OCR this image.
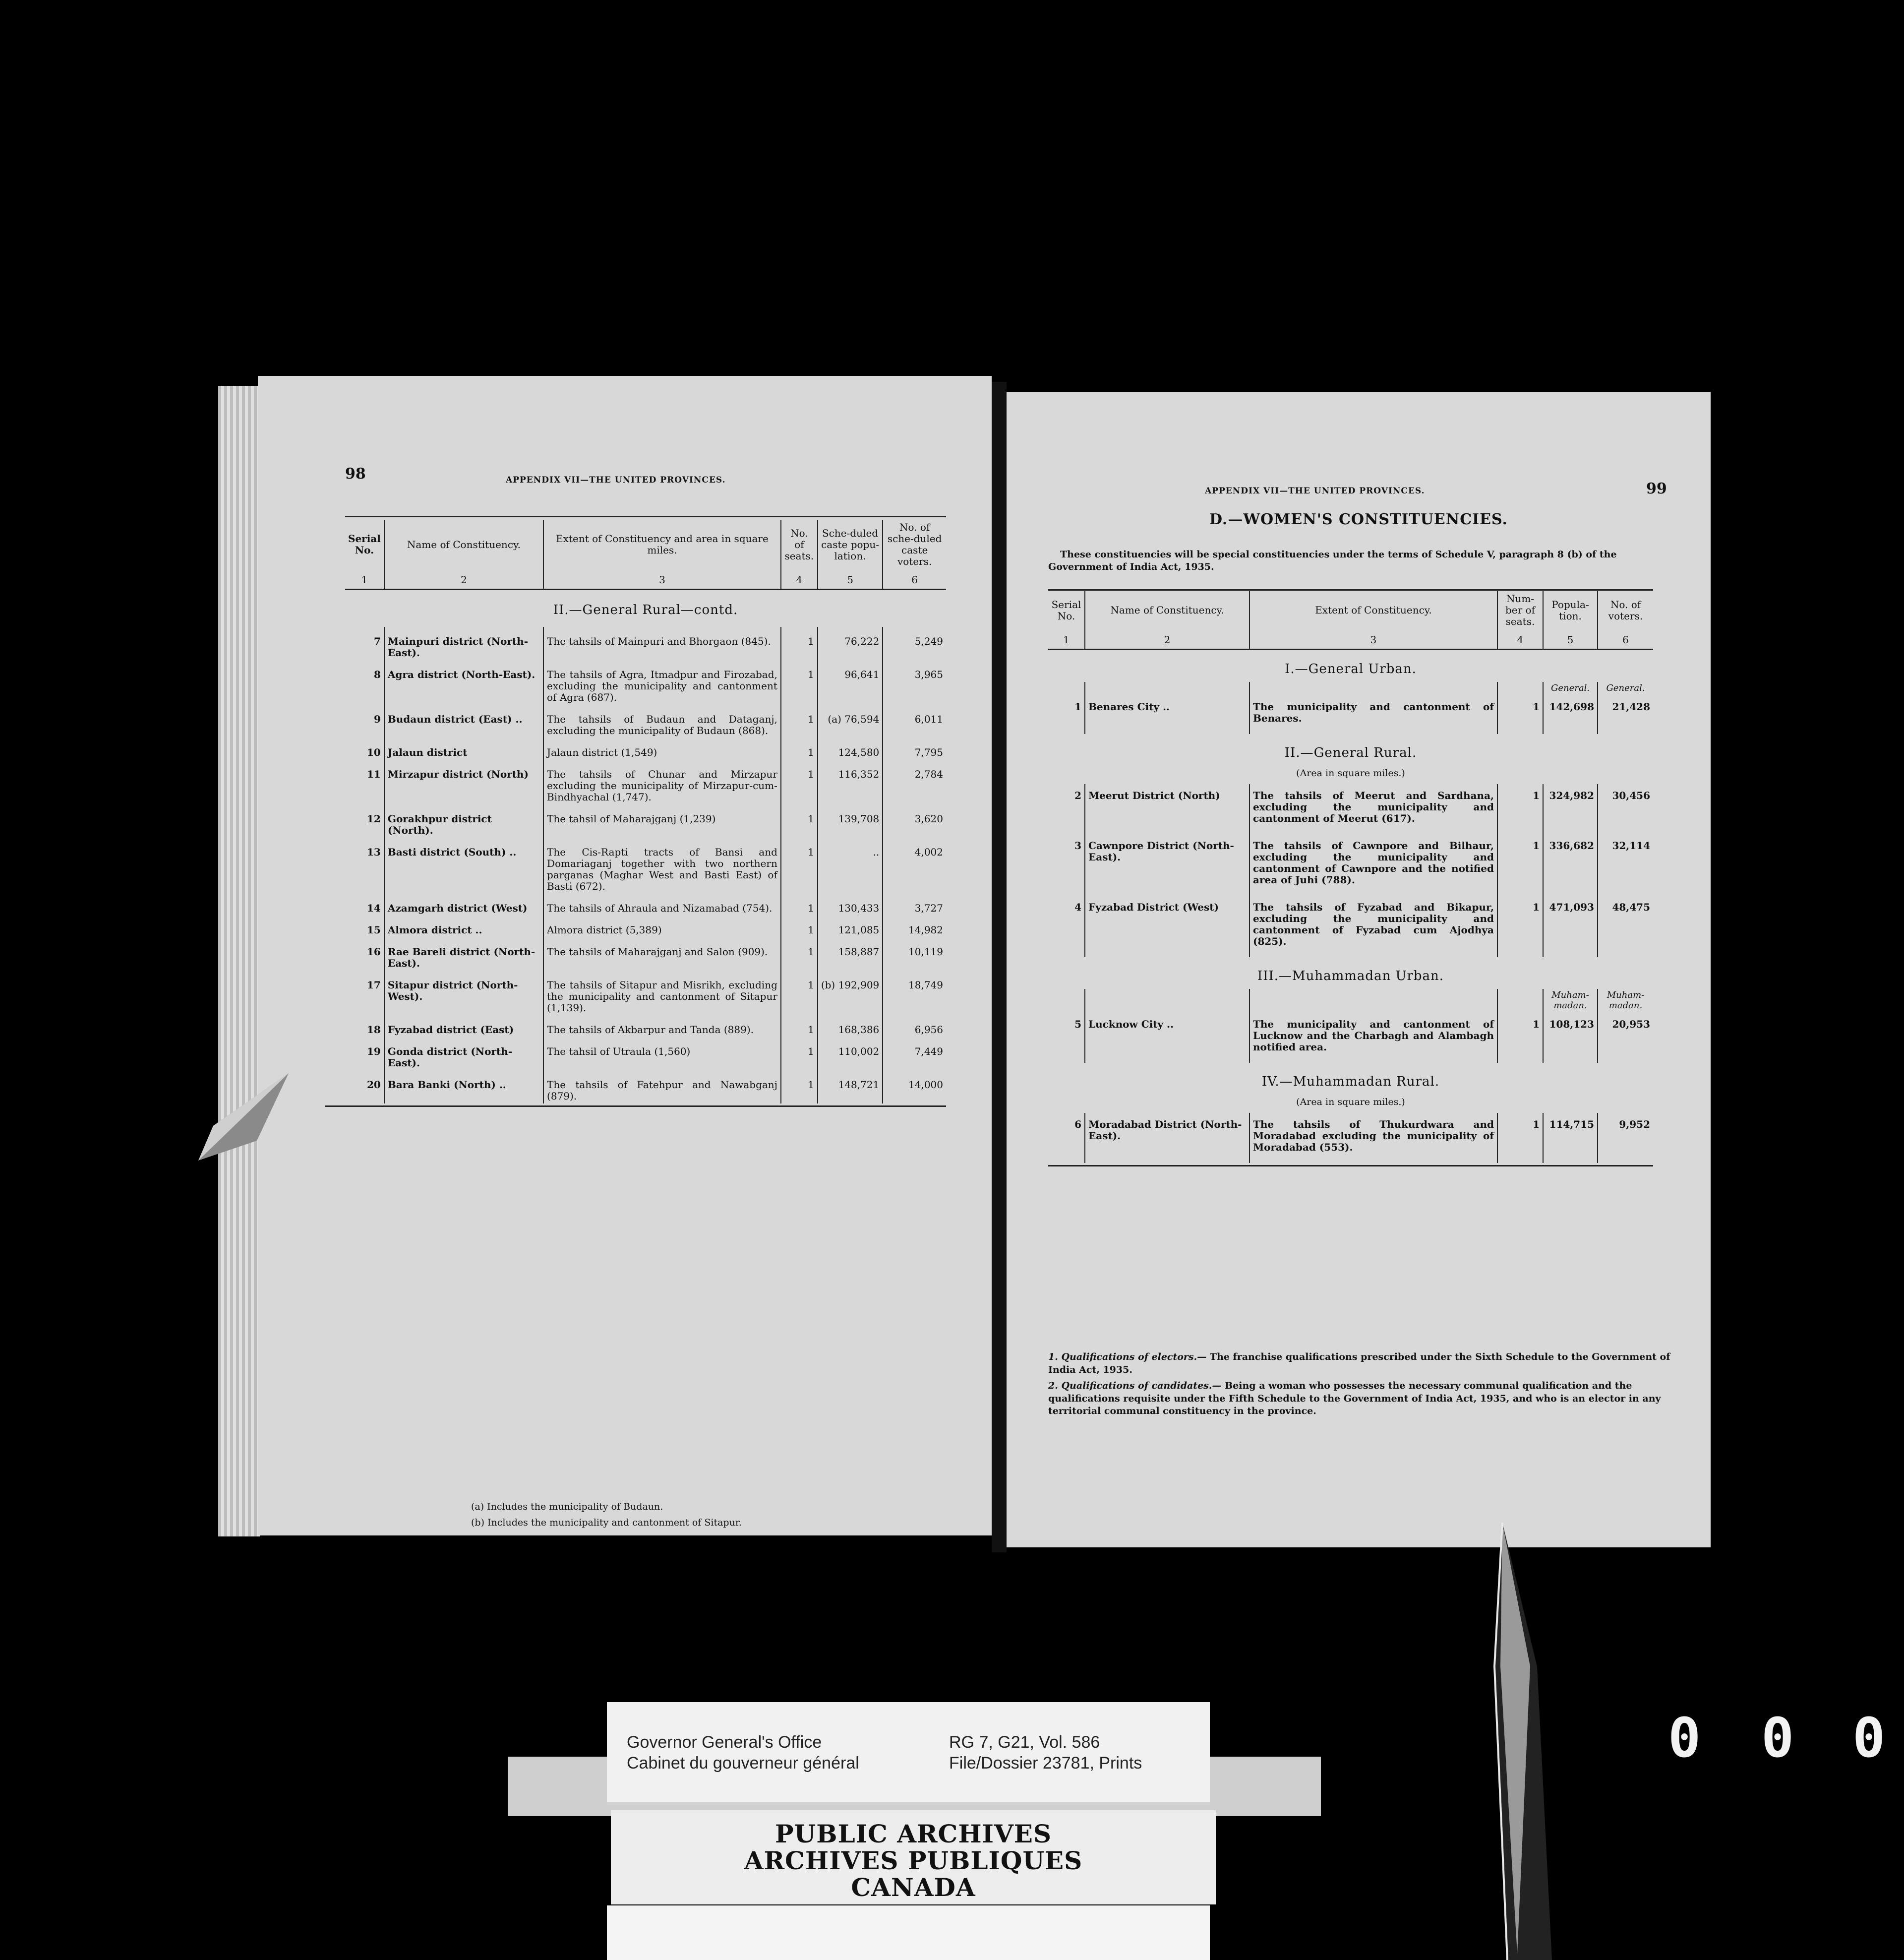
98	APPENDIX VII—THE UNITED PROVINCES.
Serial No.	Name of Constituency.	Extent of Constituency and area in square miles.	No. of seats.	Sche-duled caste popu-lation.	No. of sche-duled caste voters.
1	2	3	4	5	6
II.—General Rural—contd.					
7	Mainpuri district (North-East).	The tahsils of Mainpuri and Bhorgaon (845).	1	76,222	5,249
8	Agra district (North-East).	The tahsils of Agra, Itmadpur and Firozabad, excluding the municipality and cantonment of Agra (687).	1	96,641	3,965
9	Budaun district (East) ..	The tahsils of Budaun and Dataganj, excluding the municipality of Budaun (868).	1	(a) 76,594	6,011
10	Jalaun district	Jalaun district (1,549)	1	124,580	7,795
11	Mirzapur district (North)	The tahsils of Chunar and Mirzapur excluding the municipality of Mirzapur-cum-Bindhyachal (1,747).	1	116,352	2,784
12	Gorakhpur district (North).	The tahsil of Maharajganj (1,239)	1	139,708	3,620
13	Basti district (South) ..	The Cis-Rapti tracts of Bansi and Domariaganj together with two northern parganas (Maghar West and Basti East) of Basti (672).	1	..	4,002
14	Azamgarh district (West)	The tahsils of Ahraula and Nizamabad (754).	1	130,433	3,727
15	Almora district ..	Almora district (5,389)	1	121,085	14,982
16	Rae Bareli district (North-East).	The tahsils of Maharajganj and Salon (909).	1	158,887	10,119
17	Sitapur district (North-West).	The tahsils of Sitapur and Misrikh, excluding the municipality and cantonment of Sitapur (1,139).	1	(b) 192,909	18,749
18	Fyzabad district (East)	The tahsils of Akbarpur and Tanda (889).	1	168,386	6,956
19	Gonda district (North-East).	The tahsil of Utraula (1,560)	1	110,002	7,449
20	Bara Banki (North) ..	The tahsils of Fatehpur and Nawabganj (879).	1	148,721	14,000
(a) Includes the municipality of Budaun.
(b) Includes the municipality and cantonment of Sitapur.
APPENDIX VII—THE UNITED PROVINCES.	99
D.—WOMEN'S CONSTITUENCIES.
These constituencies will be special constituencies under the terms of Schedule V, paragraph 8 (b) of the Government of India Act, 1935.
Serial No.	Name of Constituency.	Extent of Constituency.	Num-ber of seats.	Popula-tion.	No. of voters.
1	2	3	4	5	6
I.—General Urban.					
				General.	General.
1	Benares City ..	The municipality and cantonment of Benares.	1	142,698	21,428
II.—General Rural.					
(Area in square miles.)					
2	Meerut District (North)	The tahsils of Meerut and Sardhana, excluding the municipality and cantonment of Meerut (617).	1	324,982	30,456
3	Cawnpore District (North-East).	The tahsils of Cawnpore and Bilhaur, excluding the municipality and cantonment of Cawnpore and the notified area of Juhi (788).	1	336,682	32,114
4	Fyzabad District (West)	The tahsils of Fyzabad and Bikapur, excluding the municipality and cantonment of Fyzabad cum Ajodhya (825).	1	471,093	48,475
III.—Muhammadan Urban.					
				Muham-madan.	Muham-madan.
5	Lucknow City ..	The municipality and cantonment of Lucknow and the Charbagh and Alambagh notified area.	1	108,123	20,953
IV.—Muhammadan Rural.					
(Area in square miles.)					
6	Moradabad District (North-East).	The tahsils of Thukurdwara and Moradabad excluding the municipality of Moradabad (553).	1	114,715	9,952
1. Qualifications of electors.— The franchise qualifications prescribed under the Sixth Schedule to the Government of India Act, 1935.
2. Qualifications of candidates.— Being a woman who possesses the necessary communal qualification and the qualifications requisite under the Fifth Schedule to the Government of India Act, 1935, and who is an elector in any territorial communal constituency in the province.
Governor General's Office
Cabinet du gouverneur général
RG 7, G21, Vol. 586
File/Dossier 23781, Prints
PUBLIC ARCHIVES
ARCHIVES PUBLIQUES
CANADA
0 0 0
